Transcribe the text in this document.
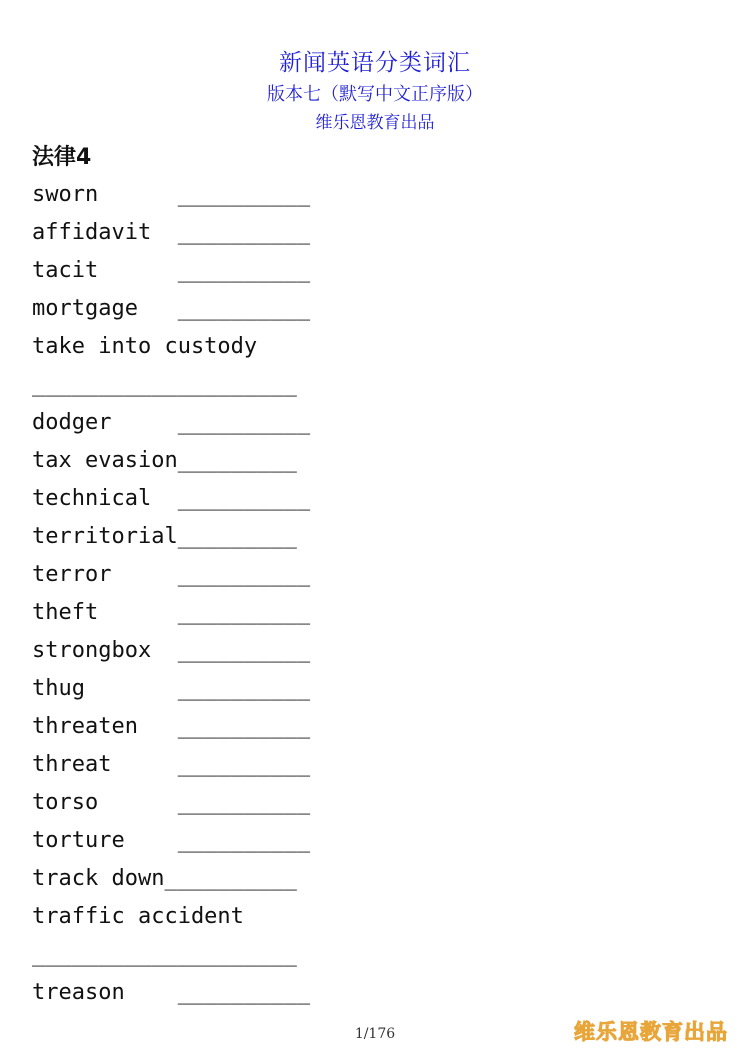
新闻英语分类词汇
版本七（默写中文正序版）
维乐恩教育出品
法律4
sworn      __________
affidavit  __________
tacit      __________
mortgage   __________
take into custody
____________________
dodger     __________
tax evasion_________
technical  __________
territorial_________
terror     __________
theft      __________
strongbox  __________
thug       __________
threaten   __________
threat     __________
torso      __________
torture    __________
track down__________
traffic accident
____________________
treason    __________
1/176	维乐恩教育出品
